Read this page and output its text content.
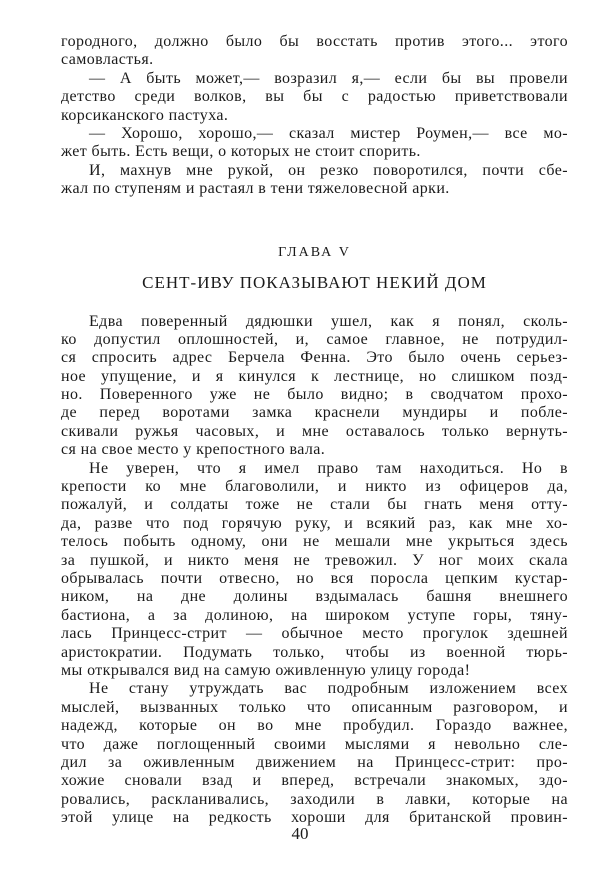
городного, должно было бы восстать против этого... этого
самовластья.
— А быть может,— возразил я,— если бы вы провели
детство среди волков, вы бы с радостью приветствовали
корсиканского пастуха.
— Хорошо, хорошо,— сказал мистер Роумен,— все мо-
жет быть. Есть вещи, о которых не стоит спорить.
И, махнув мне рукой, он резко поворотился, почти сбе-
жал по ступеням и растаял в тени тяжеловесной арки.
ГЛАВА V
СЕНТ-ИВУ ПОКАЗЫВАЮТ НЕКИЙ ДОМ
Едва поверенный дядюшки ушел, как я понял, сколь-
ко допустил оплошностей, и, самое главное, не потрудил-
ся спросить адрес Берчела Фенна. Это было очень серьез-
ное упущение, и я кинулся к лестнице, но слишком позд-
но. Поверенного уже не было видно; в сводчатом прохо-
де перед воротами замка краснели мундиры и побле-
скивали ружья часовых, и мне оставалось только вернуть-
ся на свое место у крепостного вала.
Не уверен, что я имел право там находиться. Но в
крепости ко мне благоволили, и никто из офицеров да,
пожалуй, и солдаты тоже не стали бы гнать меня отту-
да, разве что под горячую руку, и всякий раз, как мне хо-
телось побыть одному, они не мешали мне укрыться здесь
за пушкой, и никто меня не тревожил. У ног моих скала
обрывалась почти отвесно, но вся поросла цепким кустар-
ником, на дне долины вздымалась башня внешнего
бастиона, а за долиною, на широком уступе горы, тяну-
лась Принцесс-стрит — обычное место прогулок здешней
аристократии. Подумать только, чтобы из военной тюрь-
мы открывался вид на самую оживленную улицу города!
Не стану утруждать вас подробным изложением всех
мыслей, вызванных только что описанным разговором, и
надежд, которые он во мне пробудил. Гораздо важнее,
что даже поглощенный своими мыслями я невольно сле-
дил за оживленным движением на Принцесс-стрит: про-
хожие сновали взад и вперед, встречали знакомых, здо-
ровались, раскланивались, заходили в лавки, которые на
этой улице на редкость хороши для британской провин-
40
